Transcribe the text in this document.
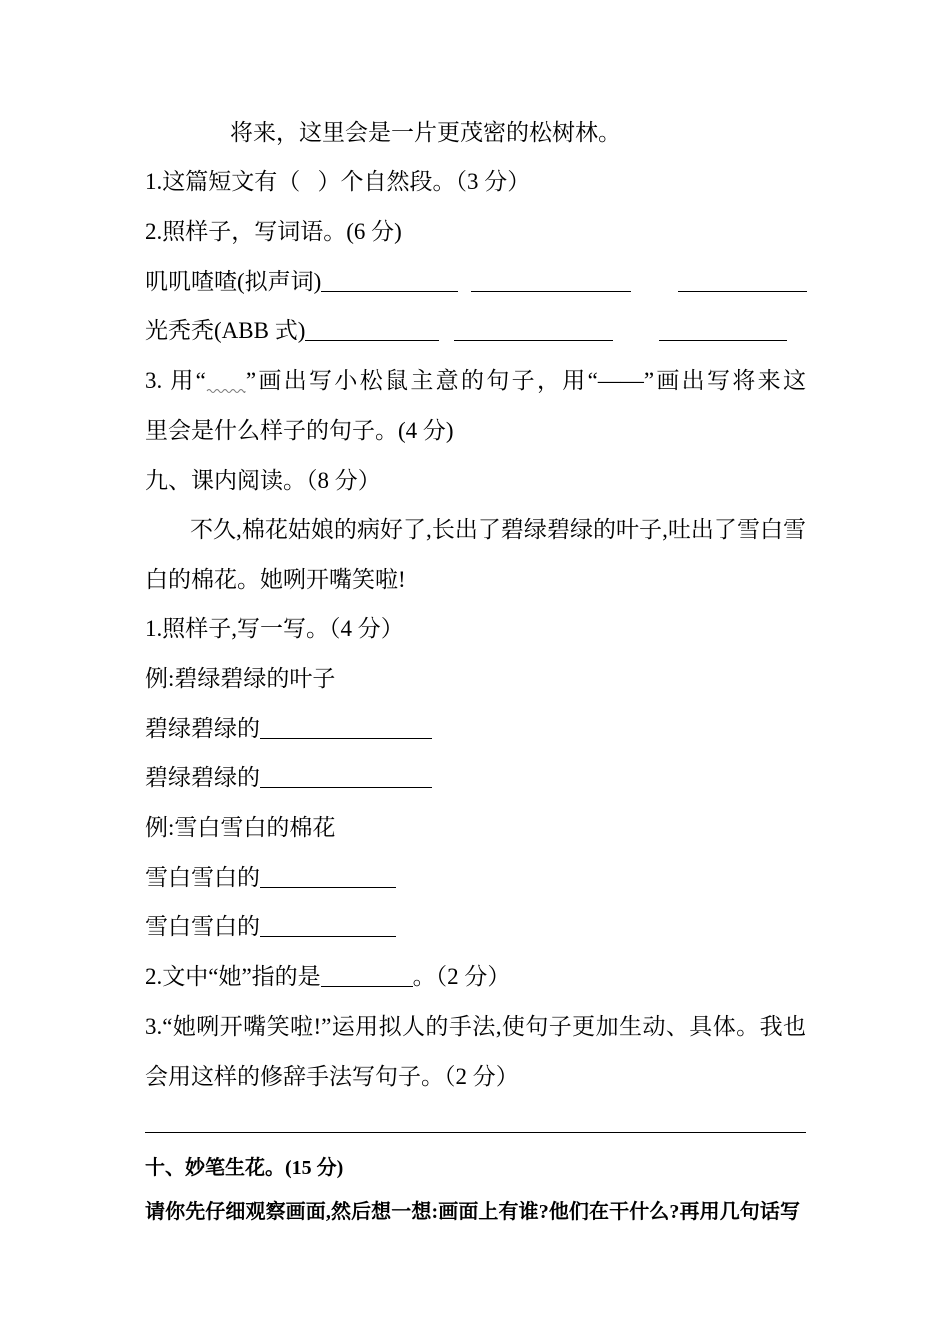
将来，这里会是一片更茂密的松树林。
1.这篇短文有（   ）个自然段。（3 分）
2.照样子，写词语。(6 分)
叽叽喳喳(拟声词)
光秃秃(ABB 式)
3. 用“ ”画出写小松鼠主意的句子，用“——”画出写将来这
里会是什么样子的句子。(4 分)
九、课内阅读。（8 分）
不久,棉花姑娘的病好了,长出了碧绿碧绿的叶子,吐出了雪白雪
白的棉花。她咧开嘴笑啦!
1.照样子,写一写。（4 分）
例:碧绿碧绿的叶子
碧绿碧绿的
碧绿碧绿的
例:雪白雪白的棉花
雪白雪白的
雪白雪白的
2.文中“她”指的是	。（2 分）
3.“她咧开嘴笑啦!”运用拟人的手法,使句子更加生动、具体。我也
会用这样的修辞手法写句子。（2 分）
十、妙笔生花。(15 分)
请你先仔细观察画面,然后想一想:画面上有谁?他们在干什么?再用几句话写
